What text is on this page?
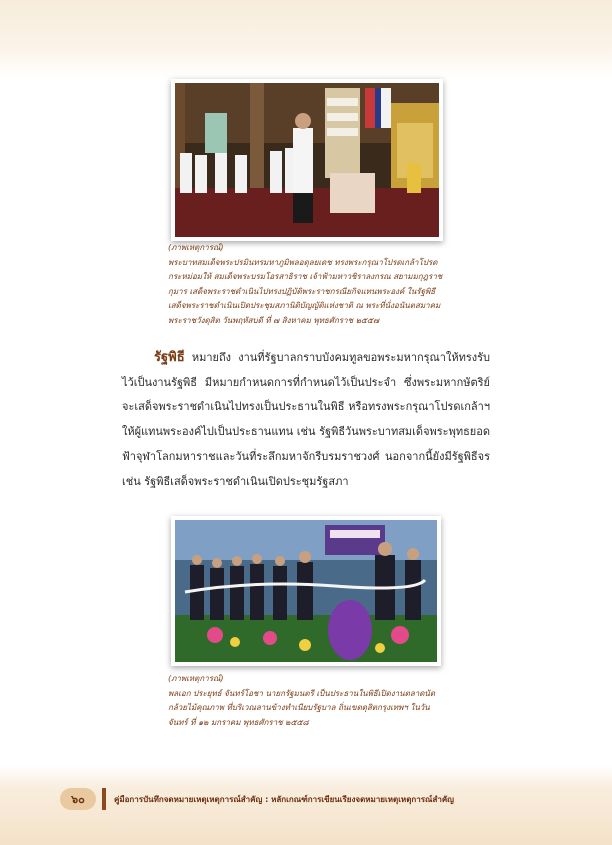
(ภาพเหตุการณ์)
พระบาทสมเด็จพระปรมินทรมหาภูมิพลอดุลยเดช ทรงพระกรุณาโปรดเกล้าโปรด
กระหม่อมให้ สมเด็จพระบรมโอรสาธิราช เจ้าฟ้ามหาวชิราลงกรณ สยามมกุฎราช
กุมาร เสด็จพระราชดำเนินไปทรงปฏิบัติพระราชกรณียกิจแทนพระองค์ ในรัฐพิธี
เสด็จพระราชดำเนินเปิดประชุมสภานิติบัญญัติแห่งชาติ ณ พระที่นั่งอนันตสมาคม
พระราชวังดุสิต วันพฤหัสบดี ที่ ๗ สิงหาคม พุทธศักราช ๒๕๕๗

รัฐพิธี หมายถึง งานที่รัฐบาลกราบบังคมทูลขอพระมหากรุณาให้ทรงรับไว้เป็นงานรัฐพิธี มีหมายกำหนดการที่กำหนดไว้เป็นประจำ ซึ่งพระมหากษัตริย์จะเสด็จพระราชดำเนินไปทรงเป็นประธานในพิธี หรือทรงพระกรุณาโปรดเกล้าฯ ให้ผู้แทนพระองค์ไปเป็นประธานแทน เช่น รัฐพิธีวันพระบาทสมเด็จพระพุทธยอดฟ้าจุฬาโลกมหาราชและวันที่ระลึกมหาจักรีบรมราชวงศ์ นอกจากนี้ยังมีรัฐพิธีจร เช่น รัฐพิธีเสด็จพระราชดำเนินเปิดประชุมรัฐสภา

(ภาพเหตุการณ์)
พลเอก ประยุทธ์ จันทร์โอชา นายกรัฐมนตรี เป็นประธานในพิธีเปิดงานตลาดนัด
กล้วยไม้คุณภาพ ที่บริเวณลานข้างทำเนียบรัฐบาล ถิ่นเขตดุสิตกรุงเทพฯ ในวัน
จันทร์ ที่ ๑๒ มกราคม พุทธศักราช ๒๕๕๘
๖๐	คู่มือการบันทึกจดหมายเหตุเหตุการณ์สำคัญ : หลักเกณฑ์การเขียนเรียงจดหมายเหตุเหตุการณ์สำคัญ
